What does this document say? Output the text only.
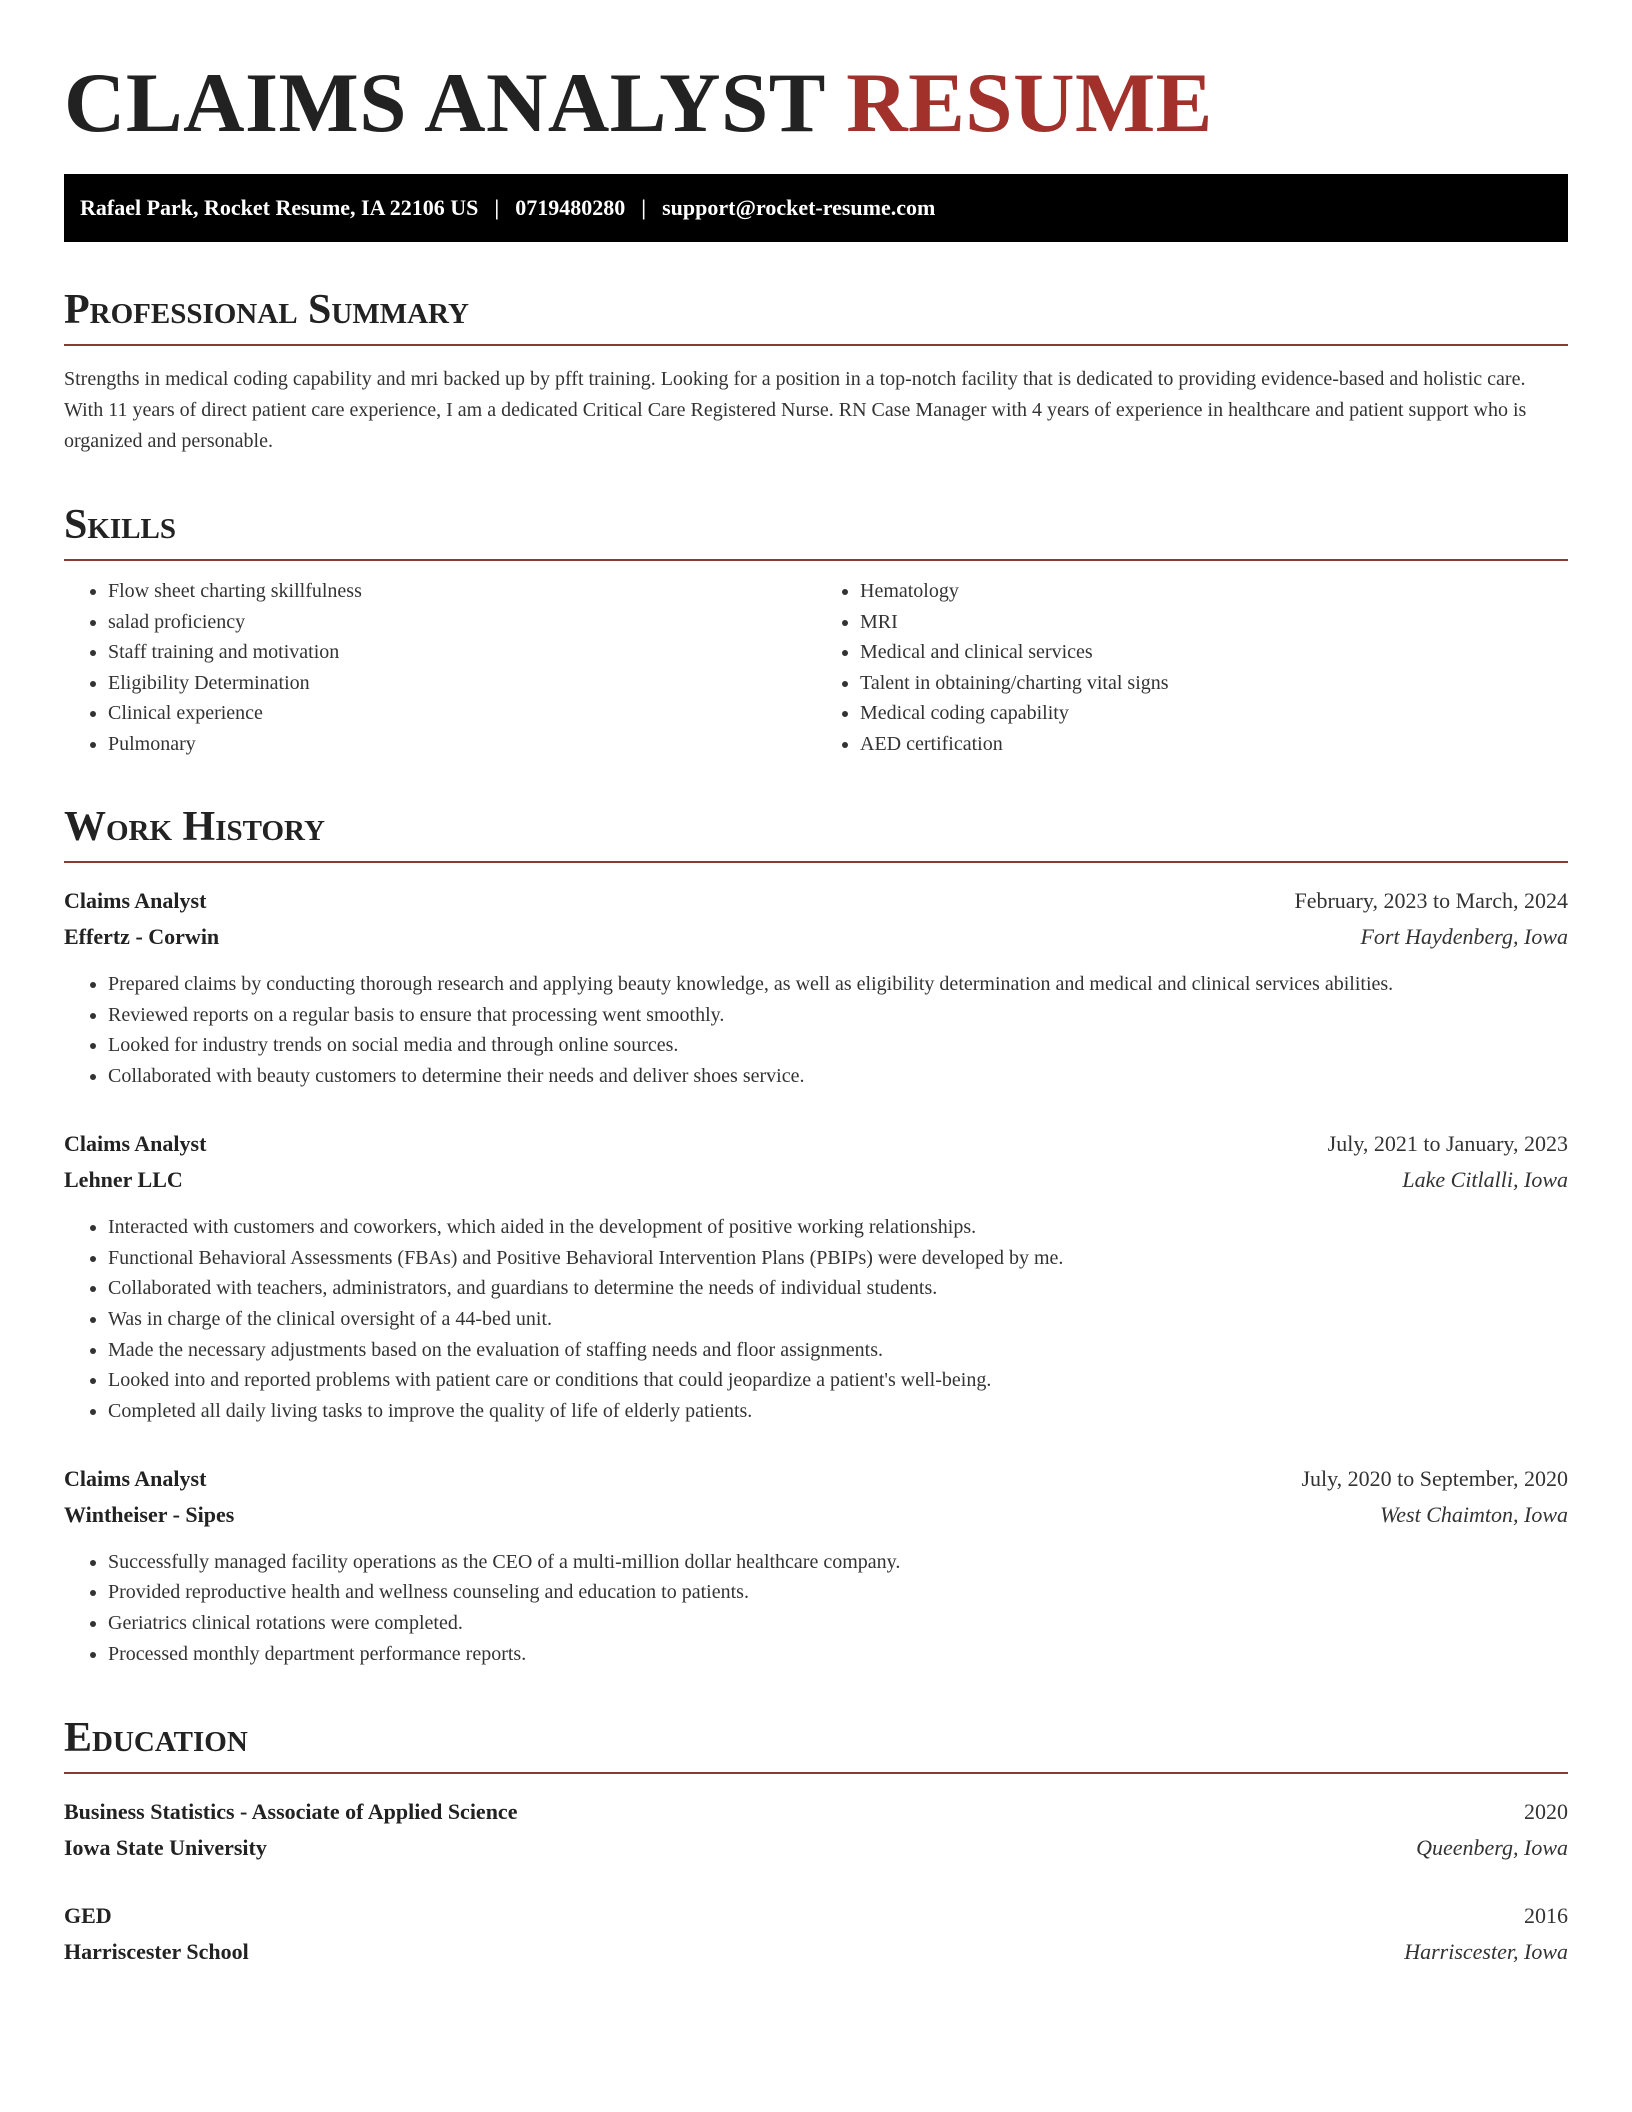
CLAIMS ANALYST RESUME
Rafael Park, Rocket Resume, IA 22106 US | 0719480280 | support@rocket-resume.com
Professional Summary

Strengths in medical coding capability and mri backed up by pfft training. Looking for a position in a top-notch facility that is dedicated to providing evidence-based and holistic care. With 11 years of direct patient care experience, I am a dedicated Critical Care Registered Nurse. RN Case Manager with 4 years of experience in healthcare and patient support who is organized and personable.

Skills
• Flow sheet charting skillfulness
• salad proficiency
• Staff training and motivation
• Eligibility Determination
• Clinical experience
• Pulmonary
• Hematology
• MRI
• Medical and clinical services
• Talent in obtaining/charting vital signs
• Medical coding capability
• AED certification
Work History
Claims Analyst	February, 2023 to March, 2024
Effertz - Corwin	Fort Haydenberg, Iowa
• Prepared claims by conducting thorough research and applying beauty knowledge, as well as eligibility determination and medical and clinical services abilities.
• Reviewed reports on a regular basis to ensure that processing went smoothly.
• Looked for industry trends on social media and through online sources.
• Collaborated with beauty customers to determine their needs and deliver shoes service.
Claims Analyst	July, 2021 to January, 2023
Lehner LLC	Lake Citlalli, Iowa
• Interacted with customers and coworkers, which aided in the development of positive working relationships.
• Functional Behavioral Assessments (FBAs) and Positive Behavioral Intervention Plans (PBIPs) were developed by me.
• Collaborated with teachers, administrators, and guardians to determine the needs of individual students.
• Was in charge of the clinical oversight of a 44-bed unit.
• Made the necessary adjustments based on the evaluation of staffing needs and floor assignments.
• Looked into and reported problems with patient care or conditions that could jeopardize a patient's well-being.
• Completed all daily living tasks to improve the quality of life of elderly patients.
Claims Analyst	July, 2020 to September, 2020
Wintheiser - Sipes	West Chaimton, Iowa
• Successfully managed facility operations as the CEO of a multi-million dollar healthcare company.
• Provided reproductive health and wellness counseling and education to patients.
• Geriatrics clinical rotations were completed.
• Processed monthly department performance reports.
Education
Business Statistics - Associate of Applied Science	2020
Iowa State University	Queenberg, Iowa
GED	2016
Harriscester School	Harriscester, Iowa
